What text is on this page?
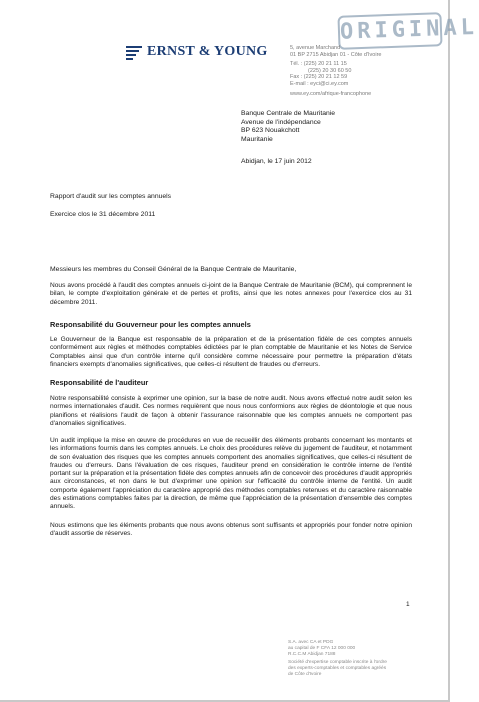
ORIGINAL
ERNST & YOUNG	5, avenue Marchand
01 BP 2715 Abidjan 01 - Côte d'Ivoire
Tél. : (225) 20 21 11 15
(225) 20 30 60 50
Fax : (225) 20 21 12 59
E-mail : eyci@ci.ey.com
www.ey.com/afrique-francophone
Banque Centrale de Mauritanie
Avenue de l'indépendance
BP 623 Nouakchott
Mauritanie
Abidjan, le 17 juin 2012
Rapport d'audit sur les comptes annuels
Exercice clos le 31 décembre 2011
Messieurs les membres du Conseil Général de la Banque Centrale de Mauritanie,
Nous avons procédé à l'audit des comptes annuels ci-joint de la Banque Centrale de Mauritanie (BCM), qui comprennent le bilan, le compte d'exploitation générale et de pertes et profits, ainsi que les notes annexes pour l'exercice clos au 31 décembre 2011.
Responsabilité du Gouverneur pour les comptes annuels
Le Gouverneur de la Banque est responsable de la préparation et de la présentation fidèle de ces comptes annuels conformément aux règles et méthodes comptables édictées par le plan comptable de Mauritanie et les Notes de Service Comptables ainsi que d'un contrôle interne qu'il considère comme nécessaire pour permettre la préparation d'états financiers exempts d'anomalies significatives, que celles-ci résultent de fraudes ou d'erreurs.
Responsabilité de l'auditeur
Notre responsabilité consiste à exprimer une opinion, sur la base de notre audit. Nous avons effectué notre audit selon les normes internationales d'audit. Ces normes requièrent que nous nous conformions aux règles de déontologie et que nous planifions et réalisions l'audit de façon à obtenir l'assurance raisonnable que les comptes annuels ne comportent pas d'anomalies significatives.
Un audit implique la mise en œuvre de procédures en vue de recueillir des éléments probants concernant les montants et les informations fournis dans les comptes annuels. Le choix des procédures relève du jugement de l'auditeur, et notamment de son évaluation des risques que les comptes annuels comportent des anomalies significatives, que celles-ci résultent de fraudes ou d'erreurs. Dans l'évaluation de ces risques, l'auditeur prend en considération le contrôle interne de l'entité portant sur la préparation et la présentation fidèle des comptes annuels afin de concevoir des procédures d'audit appropriés aux circonstances, et non dans le but d'exprimer une opinion sur l'efficacité du contrôle interne de l'entité. Un audit comporte également l'appréciation du caractère approprié des méthodes comptables retenues et du caractère raisonnable des estimations comptables faites par la direction, de même que l'appréciation de la présentation d'ensemble des comptes annuels.
Nous estimons que les éléments probants que nous avons obtenus sont suffisants et appropriés pour fonder notre opinion d'audit assortie de réserves.
1
S.A. avec CA et PDG
au capital de F CFA 12 000 000
R.C.C.M Abidjan 7188
Société d'expertise comptable inscrite à l'ordre
des experts-comptables et comptables agréés
de Côte d'Ivoire
